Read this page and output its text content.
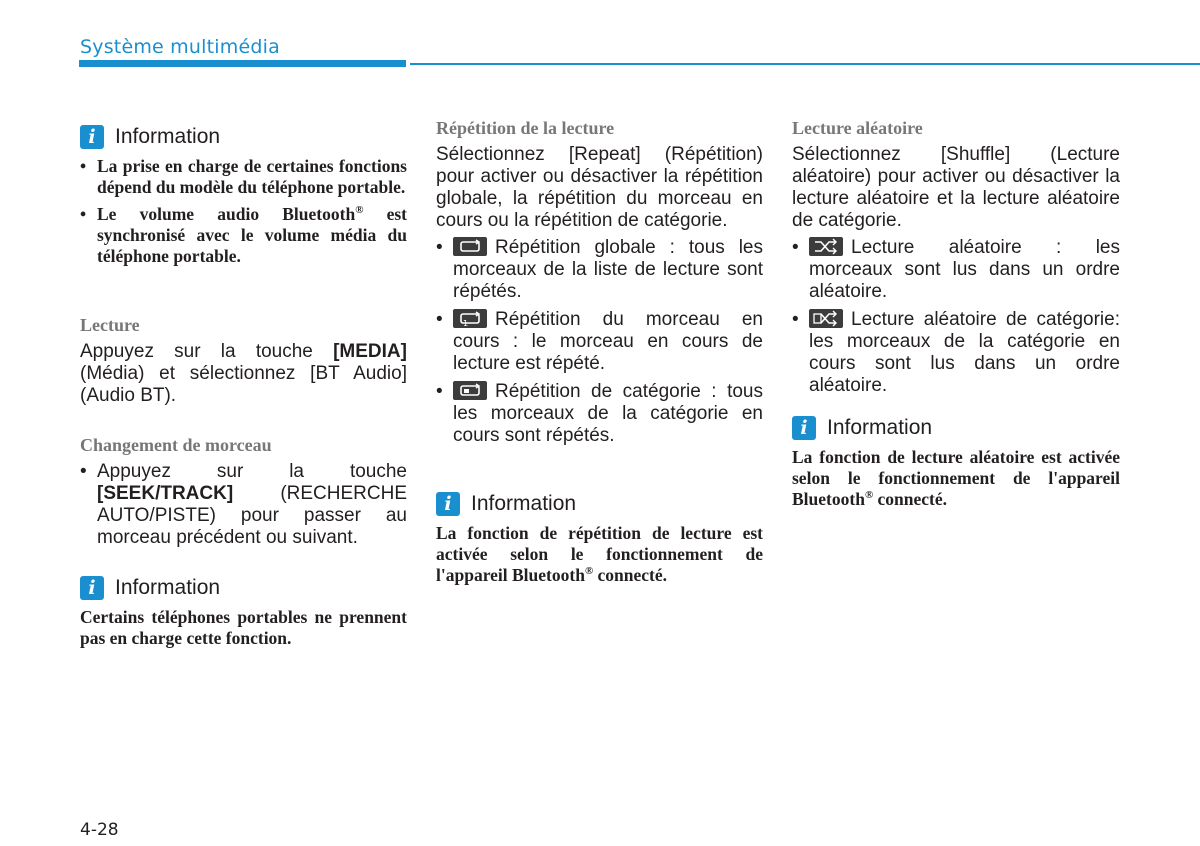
Système multimédia
i Information
• La prise en charge de certaines fonctions dépend du modèle du téléphone portable.
• Le volume audio Bluetooth® est synchronisé avec le volume média du téléphone portable.
Lecture
Appuyez sur la touche [MEDIA] (Média) et sélectionnez [BT Audio] (Audio BT).
Changement de morceau
• Appuyez sur la touche [SEEK/TRACK] (RECHERCHE AUTO/PISTE) pour passer au morceau précédent ou suivant.
i Information
Certains téléphones portables ne prennent pas en charge cette fonction.
Répétition de la lecture
Sélectionnez [Repeat] (Répétition) pour activer ou désactiver la répétition globale, la répétition du morceau en cours ou la répétition de catégorie.
• Répétition globale : tous les morceaux de la liste de lecture sont répétés.
• 1 Répétition du morceau en cours : le morceau en cours de lecture est répété.
• Répétition de catégorie : tous les morceaux de la catégorie en cours sont répétés.
i Information
La fonction de répétition de lecture est activée selon le fonctionnement de l'appareil Bluetooth® connecté.
Lecture aléatoire
Sélectionnez [Shuffle] (Lecture aléatoire) pour activer ou désactiver la lecture aléatoire et la lecture aléatoire de catégorie.
• Lecture aléatoire : les morceaux sont lus dans un ordre aléatoire.
• Lecture aléatoire de catégorie: les morceaux de la catégorie en cours sont lus dans un ordre aléatoire.
i Information
La fonction de lecture aléatoire est activée selon le fonctionnement de l'appareil Bluetooth® connecté.
4-28
